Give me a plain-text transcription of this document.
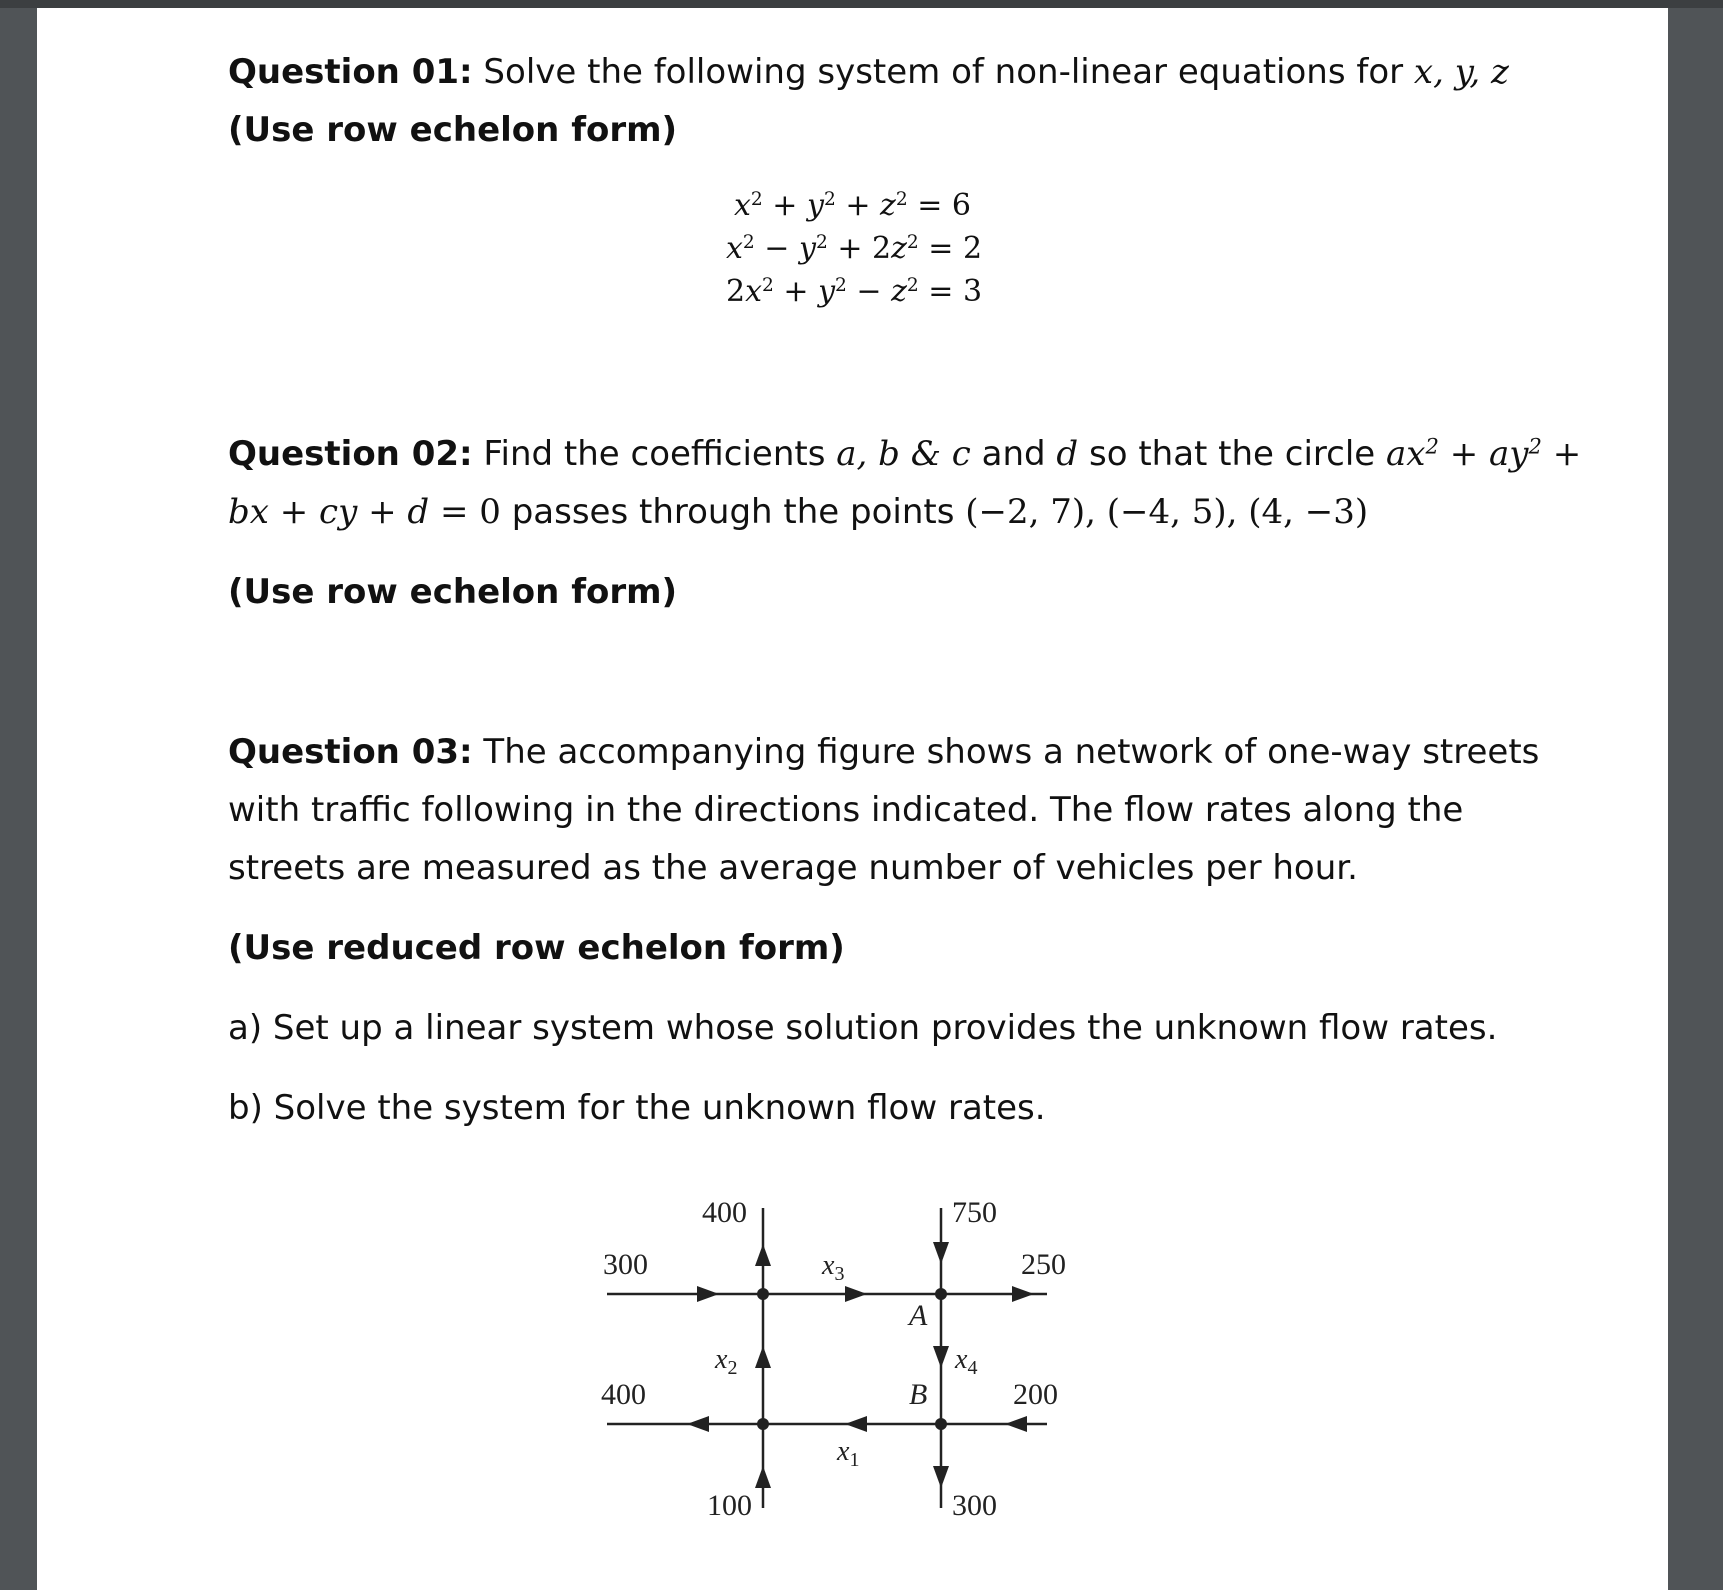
Question 01: Solve the following system of non-linear equations for x, y, z
(Use row echelon form)
$x^2 + y^2 + z^2 = 6$
$x^2 - y^2 + 2z^2 = 2$
$2x^2 + y^2 - z^2 = 3$
Question 02: Find the coefficients a, b & c and d so that the circle $ax^2 + ay^2$ +
bx + cy + d = 0 passes through the points (−2, 7), (−4, 5), (4, −3)
(Use row echelon form)
Question 03: The accompanying figure shows a network of one-way streets
with traffic following in the directions indicated. The flow rates along the
streets are measured as the average number of vehicles per hour.
(Use reduced row echelon form)
a) Set up a linear system whose solution provides the unknown flow rates.
b) Solve the system for the unknown flow rates.
300
400	750
250
400	200
100	300
A
B
$x_3$
$x_2$	$x_4$
$x_1$
